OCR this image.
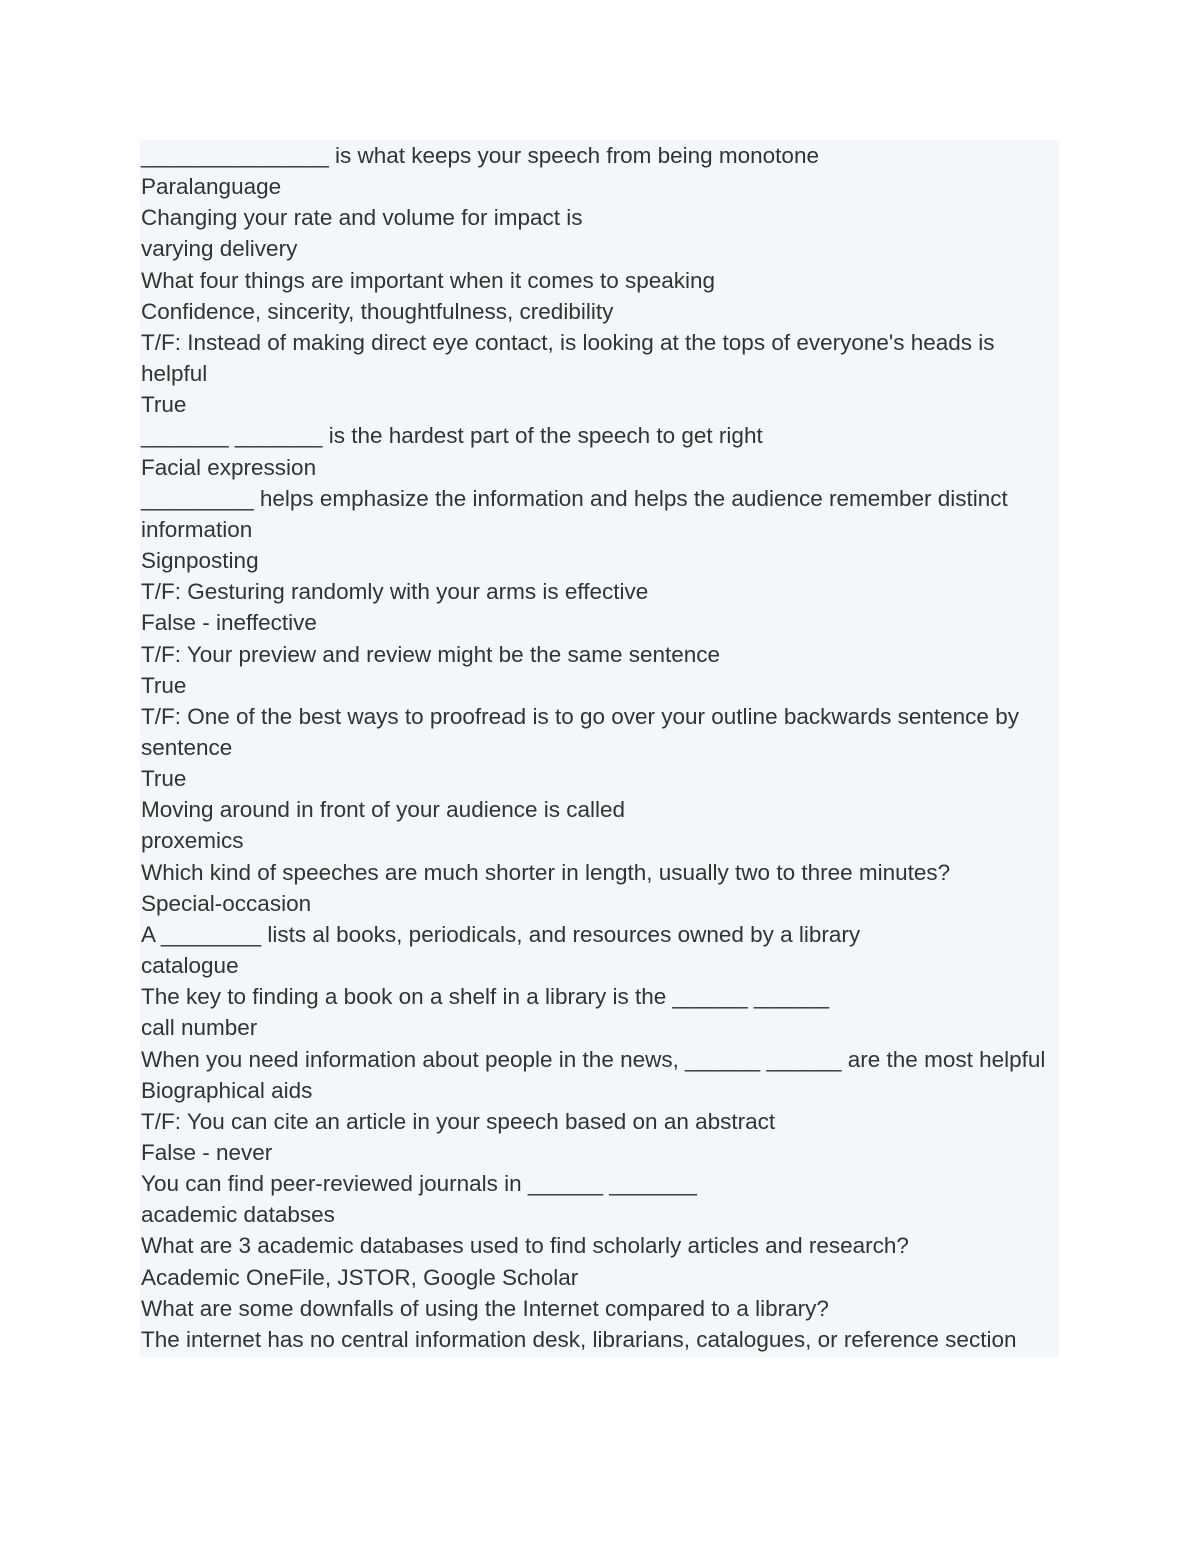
_______________ is what keeps your speech from being monotone

Paralanguage

Changing your rate and volume for impact is

varying delivery

What four things are important when it comes to speaking

Confidence, sincerity, thoughtfulness, credibility

T/F: Instead of making direct eye contact, is looking at the tops of everyone's heads is helpful

True

_______ _______ is the hardest part of the speech to get right

Facial expression

_________ helps emphasize the information and helps the audience remember distinct information

Signposting

T/F: Gesturing randomly with your arms is effective

False - ineffective

T/F: Your preview and review might be the same sentence

True

T/F: One of the best ways to proofread is to go over your outline backwards sentence by sentence

True

Moving around in front of your audience is called

proxemics

Which kind of speeches are much shorter in length, usually two to three minutes?

Special-occasion

A ________ lists al books, periodicals, and resources owned by a library

catalogue

The key to finding a book on a shelf in a library is the ______ ______

call number

When you need information about people in the news, ______ ______ are the most helpful

Biographical aids

T/F: You can cite an article in your speech based on an abstract

False - never

You can find peer-reviewed journals in ______ _______

academic databses

What are 3 academic databases used to find scholarly articles and research?

Academic OneFile, JSTOR, Google Scholar

What are some downfalls of using the Internet compared to a library?

The internet has no central information desk, librarians, catalogues, or reference section
